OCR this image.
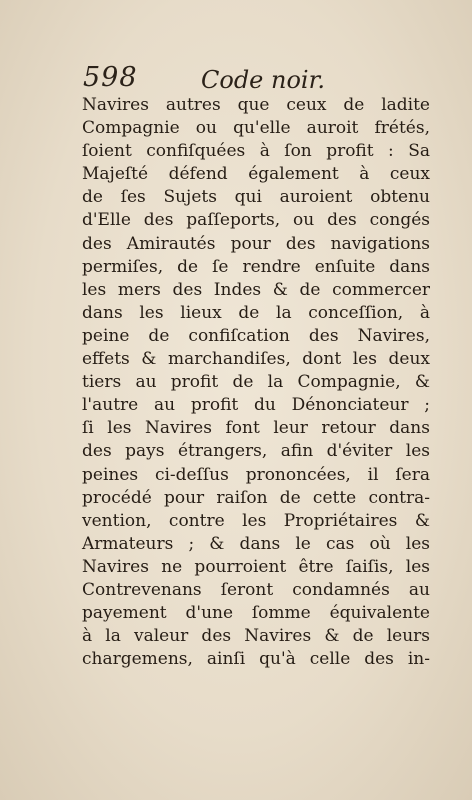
598	Code noir.
Navires autres que ceux de ladite
Compagnie ou qu'elle auroit frétés,
ſoient confiſquées à ſon profit : Sa
Majeſté défend également à ceux
de ſes Sujets qui auroient obtenu
d'Elle des paſſeports, ou des congés
des Amirautés pour des navigations
permiſes, de ſe rendre enſuite dans
les mers des Indes & de commercer
dans les lieux de la conceſſion, à
peine de confiſcation des Navires,
effets & marchandiſes, dont les deux
tiers au profit de la Compagnie, &
l'autre au profit du Dénonciateur ;
ſi les Navires font leur retour dans
des pays étrangers, afin d'éviter les
peines ci-deſſus prononcées, il ſera
procédé pour raiſon de cette contra-
vention, contre les Propriétaires &
Armateurs ; & dans le cas où les
Navires ne pourroient être ſaiſis, les
Contrevenans ſeront condamnés au
payement d'une ſomme équivalente
à la valeur des Navires & de leurs
chargemens, ainſi qu'à celle des in-
